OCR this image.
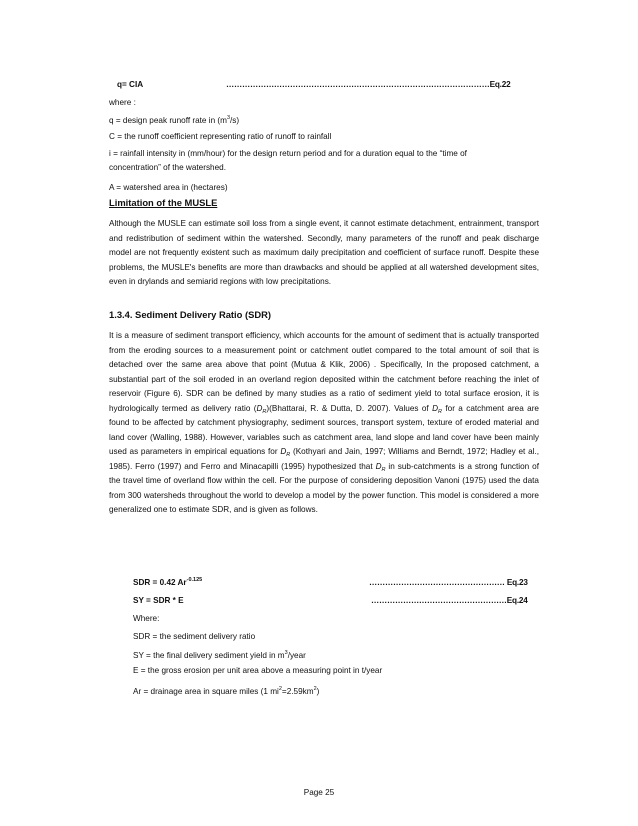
q= CIA	………………………………………………………………………………………Eq.22
where :
q = design peak runoff rate in $(m^3/s)$
C = the runoff coefficient representing ratio of runoff to rainfall
i = rainfall intensity in (mm/hour) for the design return period and for a duration equal to the “time of
concentration” of the watershed.
A = watershed area in (hectares)
Limitation of the MUSLE
Although the MUSLE can estimate soil loss from a single event, it cannot estimate detachment, entrainment, transport and redistribution of sediment within the watershed. Secondly, many parameters of the runoff and peak discharge model are not frequently existent such as maximum daily precipitation and coefficient of surface runoff. Despite these problems, the MUSLE's benefits are more than drawbacks and should be applied at all watershed development sites, even in drylands and semiarid regions with low precipitations.
1.3.4. Sediment Delivery Ratio (SDR)
It is a measure of sediment transport efficiency, which accounts for the amount of sediment that is actually transported from the eroding sources to a measurement point or catchment outlet compared to the total amount of soil that is detached over the same area above that point (Mutua & Klik, 2006) . Specifically, In the proposed catchment, a substantial part of the soil eroded in an overland region deposited within the catchment before reaching the inlet of reservoir (Figure 6). SDR can be defined by many studies as a ratio of sediment yield to total surface erosion, it is hydrologically termed as delivery ratio $(D_R)(Bhattarai$, R. & Dutta, D. 2007). Values of $D_R$ for a catchment area are found to be affected by catchment physiography, sediment sources, transport system, texture of eroded material and land cover (Walling, 1988). However, variables such as catchment area, land slope and land cover have been mainly used as parameters in empirical equations for $D_R$ (Kothyari and Jain, 1997; Williams and Berndt, 1972; Hadley et al., 1985). Ferro (1997) and Ferro and Minacapilli (1995) hypothesized that $D_R$ in sub-catchments is a strong function of the travel time of overland flow within the cell. For the purpose of considering deposition Vanoni (1975) used the data from 300 watersheds throughout the world to develop a model by the power function. This model is considered a more generalized one to estimate SDR, and is given as follows.
SDR = 0.42 $Ar^{-0.125}$	…………………………………………… Eq.23
SY = SDR * E	……………………………………………Eq.24
Where:
SDR = the sediment delivery ratio
SY = the final delivery sediment yield in $m^3$/year
E = the gross erosion per unit area above a measuring point in t/year
Ar = drainage area in square miles (1 $mi^2=2.59km^2$)
Page 25
